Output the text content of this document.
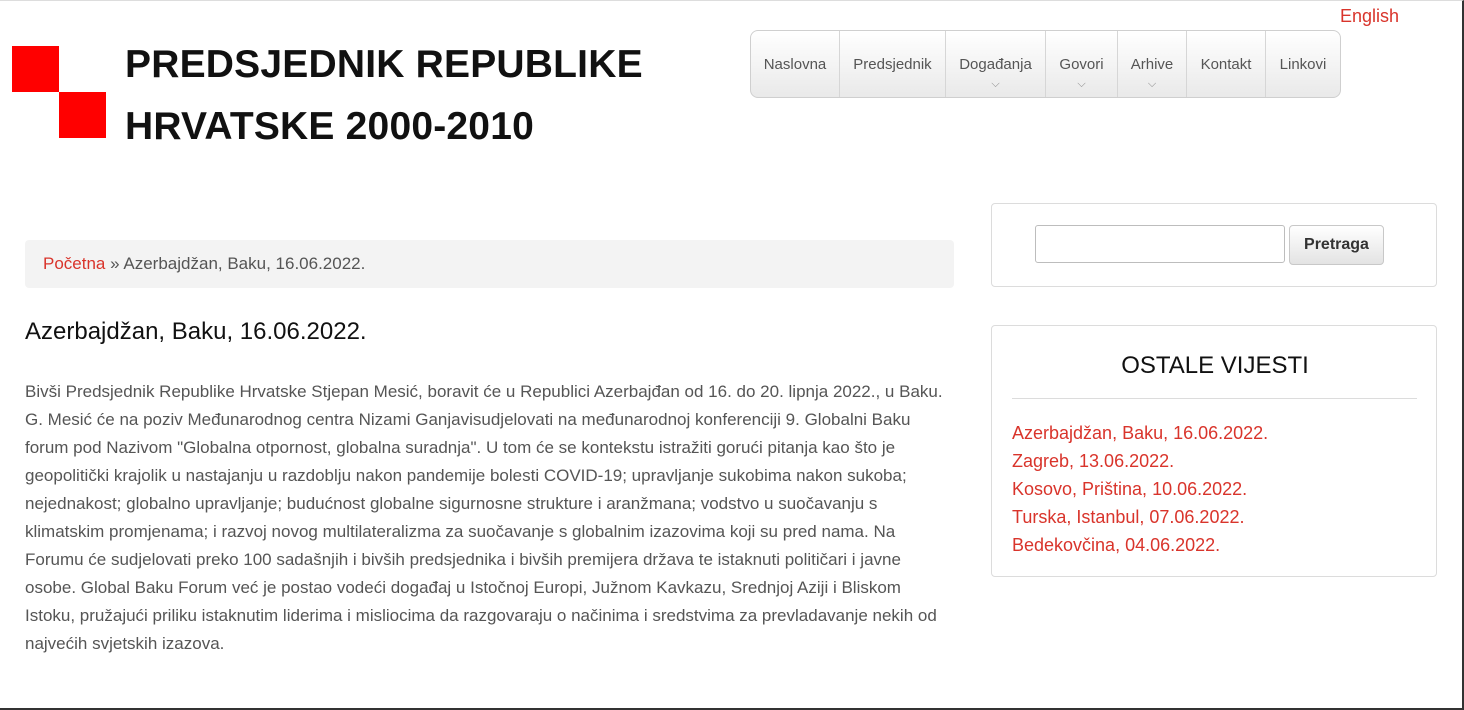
English
PREDSJEDNIK REPUBLIKE
HRVATSKE 2000-2010
Naslovna Predsjednik Događanja
⌵
Govori
⌵
Arhive
⌵
Kontakt Linkovi
Početna » Azerbajdžan, Baku, 16.06.2022.
Azerbajdžan, Baku, 16.06.2022.

Bivši Predsjednik Republike Hrvatske Stjepan Mesić, boravit će u Republici Azerbajđan od 16. do 20. lipnja 2022., u Baku. G. Mesić će na poziv Međunarodnog centra Nizami Ganjavisudjelovati na međunarodnoj konferenciji 9. Globalni Baku forum pod Nazivom "Globalna otpornost, globalna suradnja". U tom će se kontekstu istražiti gorući pitanja kao što je geopolitički krajolik u nastajanju u razdoblju nakon pandemije bolesti COVID-19; upravljanje sukobima nakon sukoba; nejednakost; globalno upravljanje; budućnost globalne sigurnosne strukture i aranžmana; vodstvo u suočavanju s klimatskim promjenama; i razvoj novog multilateralizma za suočavanje s globalnim izazovima koji su pred nama. Na Forumu će sudjelovati preko 100 sadašnjih i bivših predsjednika i bivših premijera država te istaknuti političari i javne osobe. Global Baku Forum već je postao vodeći događaj u Istočnoj Europi, Južnom Kavkazu, Srednjoj Aziji i Bliskom Istoku, pružajući priliku istaknutim liderima i misliocima da razgovaraju o načinima i sredstvima za prevladavanje nekih od najvećih svjetskih izazova.

Pretraga
OSTALE VIJESTI
Azerbajdžan, Baku, 16.06.2022.
Zagreb, 13.06.2022.
Kosovo, Priština, 10.06.2022.
Turska, Istanbul, 07.06.2022.
Bedekovčina, 04.06.2022.
